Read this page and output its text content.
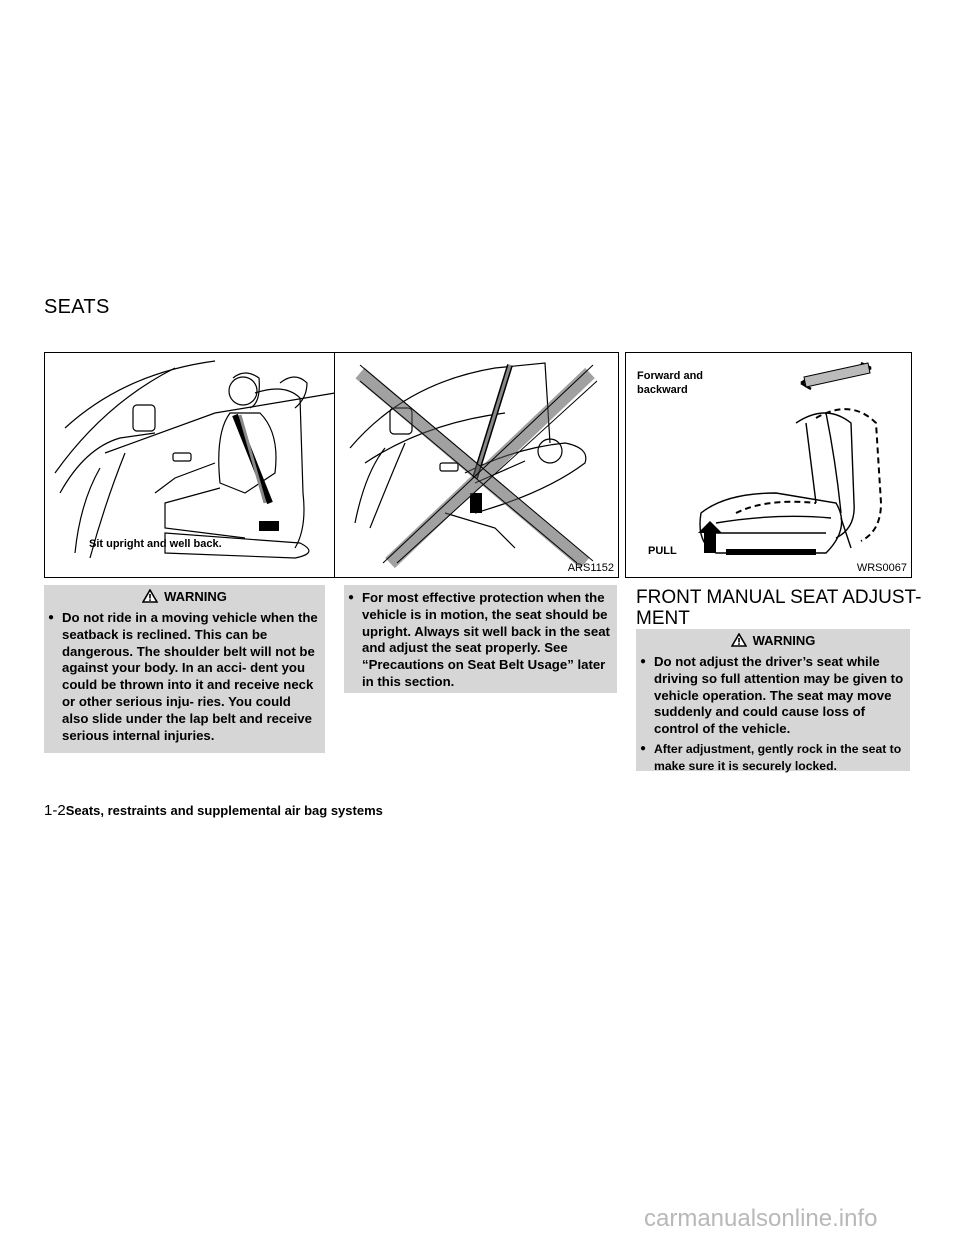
SEATS
Sit upright and well back.
ARS1152
Forward and
backward
PULL
WRS0067
WARNING
● Do not ride in a moving vehicle when the seatback is reclined. This can be dangerous. The shoulder belt will not be against your body. In an acci- dent you could be thrown into it and receive neck or other serious inju- ries. You could also slide under the lap belt and receive serious internal injuries.
● For most effective protection when the vehicle is in motion, the seat should be upright. Always sit well back in the seat and adjust the seat properly. See “Precautions on Seat Belt Usage” later in this section.
FRONT MANUAL SEAT ADJUST-
MENT
WARNING
● Do not adjust the driver’s seat while driving so full attention may be given to vehicle operation. The seat may move suddenly and could cause loss of control of the vehicle.
● After adjustment, gently rock in the seat to make sure it is securely locked.
1-2Seats, restraints and supplemental air bag systems
carmanualsonline.info
